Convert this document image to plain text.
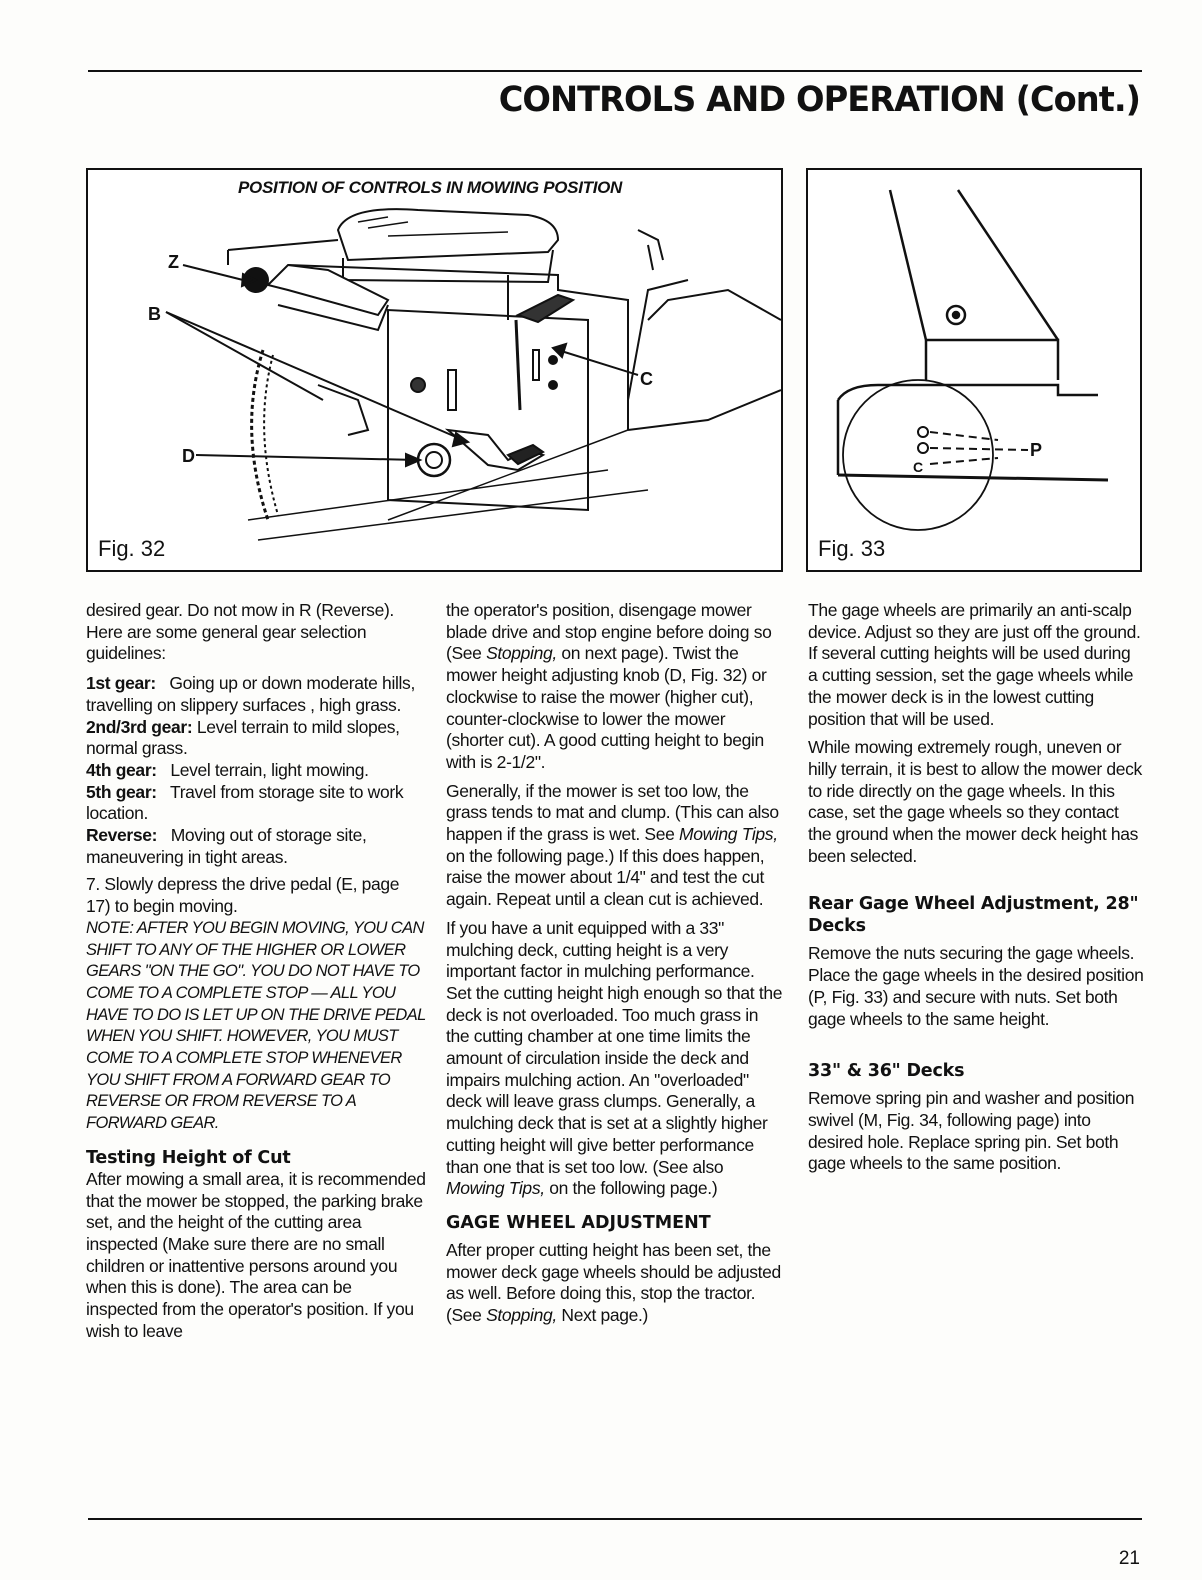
CONTROLS AND OPERATION (Cont.)
POSITION OF CONTROLS IN MOWING POSITION
Z
B
C
D
Fig. 32
P
C
Fig. 33

desired gear. Do not mow in R (Reverse). Here are some general gear selection guidelines:

1st gear: Going up or down moderate hills, travelling on slippery surfaces , high grass.

2nd/3rd gear: Level terrain to mild slopes, normal grass.

4th gear: Level terrain, light mowing.

5th gear: Travel from storage site to work location.

Reverse: Moving out of storage site, maneuvering in tight areas.

7. Slowly depress the drive pedal (E, page 17) to begin moving.

NOTE: AFTER YOU BEGIN MOVING, YOU CAN SHIFT TO ANY OF THE HIGHER OR LOWER GEARS "ON THE GO". YOU DO NOT HAVE TO COME TO A COMPLETE STOP — ALL YOU HAVE TO DO IS LET UP ON THE DRIVE PEDAL WHEN YOU SHIFT. HOWEVER, YOU MUST COME TO A COMPLETE STOP WHENEVER YOU SHIFT FROM A FORWARD GEAR TO REVERSE OR FROM REVERSE TO A FORWARD GEAR.

Testing Height of Cut

After mowing a small area, it is recommended that the mower be stopped, the parking brake set, and the height of the cutting area inspected (Make sure there are no small children or inattentive persons around you when this is done). The area can be inspected from the operator's position. If you wish to leave

the operator's position, disengage mower blade drive and stop engine before doing so (See Stopping, on next page). Twist the mower height adjusting knob (D, Fig. 32) or clockwise to raise the mower (higher cut), counter-clockwise to lower the mower (shorter cut). A good cutting height to begin with is 2-1/2".

Generally, if the mower is set too low, the grass tends to mat and clump. (This can also happen if the grass is wet. See Mowing Tips, on the following page.) If this does happen, raise the mower about 1/4" and test the cut again. Repeat until a clean cut is achieved.

If you have a unit equipped with a 33" mulching deck, cutting height is a very important factor in mulching performance. Set the cutting height high enough so that the deck is not overloaded. Too much grass in the cutting chamber at one time limits the amount of circulation inside the deck and impairs mulching action. An "overloaded" deck will leave grass clumps. Generally, a mulching deck that is set at a slightly higher cutting height will give better performance than one that is set too low. (See also Mowing Tips, on the following page.)

GAGE WHEEL ADJUSTMENT

After proper cutting height has been set, the mower deck gage wheels should be adjusted as well. Before doing this, stop the tractor. (See Stopping, Next page.)

The gage wheels are primarily an anti-scalp device. Adjust so they are just off the ground. If several cutting heights will be used during a cutting session, set the gage wheels while the mower deck is in the lowest cutting position that will be used.

While mowing extremely rough, uneven or hilly terrain, it is best to allow the mower deck to ride directly on the gage wheels. In this case, set the gage wheels so they contact the ground when the mower deck height has been selected.

Rear Gage Wheel Adjustment, 28" Decks

Remove the nuts securing the gage wheels. Place the gage wheels in the desired position (P, Fig. 33) and secure with nuts. Set both gage wheels to the same height.

33" & 36" Decks

Remove spring pin and washer and position swivel (M, Fig. 34, following page) into desired hole. Replace spring pin. Set both gage wheels to the same position.

21
